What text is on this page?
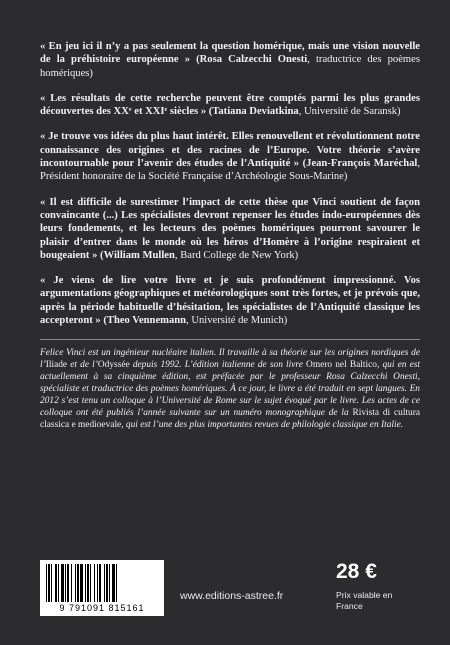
« En jeu ici il n’y a pas seulement la question homérique, mais une vision nouvelle de la préhistoire européenne » (Rosa Calzecchi Onesti, traductrice des poèmes homériques)

« Les résultats de cette recherche peuvent être comptés parmi les plus grandes découvertes des XXᵉ et XXIᵉ siècles » (Tatiana Deviatkina, Université de Saransk)

« Je trouve vos idées du plus haut intérêt. Elles renouvellent et révolutionnent notre connaissance des origines et des racines de l’Europe. Votre théorie s’avère incontournable pour l’avenir des études de l’Antiquité » (Jean-François Maréchal, Président honoraire de la Société Française d’Archéologie Sous-Marine)

« Il est difficile de surestimer l’impact de cette thèse que Vinci soutient de façon convaincante (...) Les spécialistes devront repenser les études indo-européennes dès leurs fondements, et les lecteurs des poèmes homériques pourront savourer le plaisir d’entrer dans le monde où les héros d’Homère à l’origine respiraient et bougeaient » (William Mullen, Bard College de New York)

« Je viens de lire votre livre et je suis profondément impressionné. Vos argumentations géographiques et météorologiques sont très fortes, et je prévois que, après la période habituelle d’hésitation, les spécialistes de l’Antiquité classique les accepteront » (Theo Vennemann, Université de Munich)

Felice Vinci est un ingénieur nucléaire italien. Il travaille à sa théorie sur les origines nordiques de l’Iliade et de l’Odyssée depuis 1992. L’édition italienne de son livre Omero nel Baltico, qui en est actuellement à sa cinquième édition, est préfacée par le professeur Rosa Calzecchi Onesti, spécialiste et traductrice des poèmes homériques. À ce jour, le livre a été traduit en sept langues. En 2012 s’est tenu un colloque à l’Université de Rome sur le sujet évoqué par le livre. Les actes de ce colloque ont été publiés l’année suivante sur un numéro monographique de la Rivista di cultura classica e medioevale, qui est l’une des plus importantes revues de philologie classique en Italie.

9 791091 815161
www.editions-astree.fr
28 €
Prix valable en France
